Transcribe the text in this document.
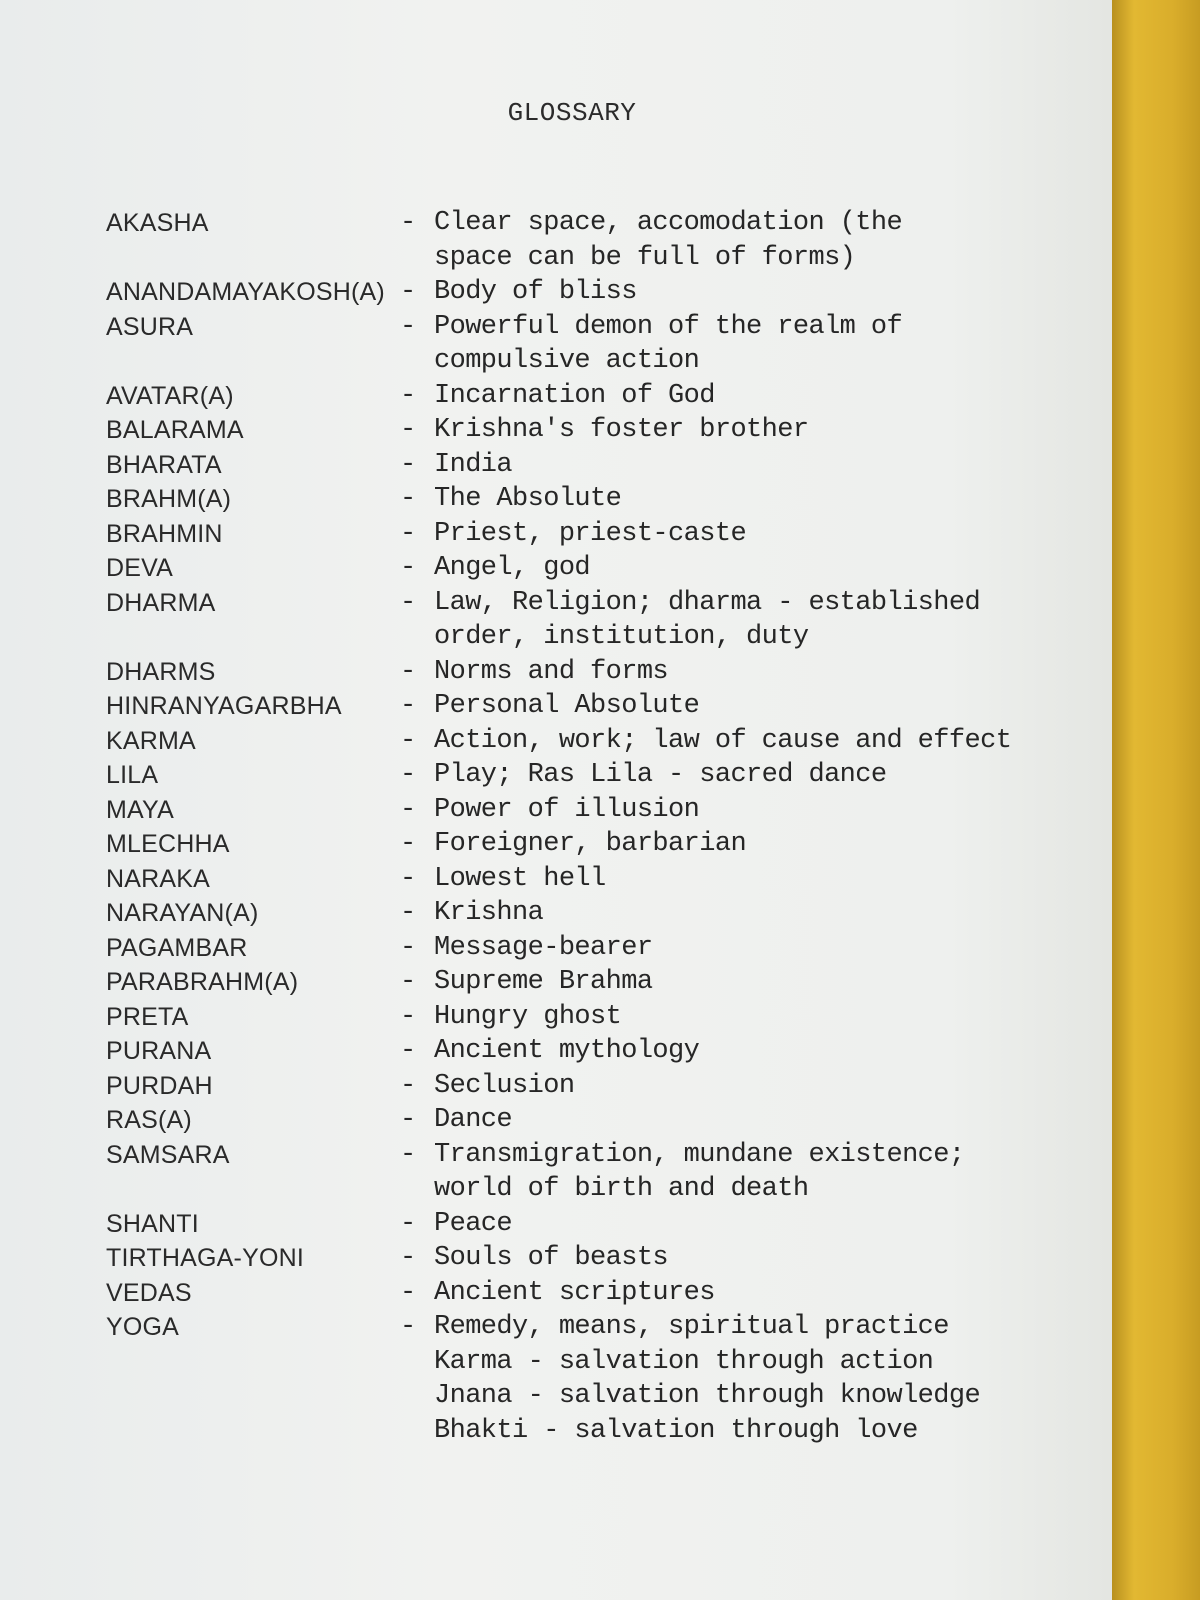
GLOSSARY
AKASHA	- Clear space, accomodation (the
space can be full of forms)
ANANDAMAYAKOSH(A) - Body of bliss
ASURA	- Powerful demon of the realm of
compulsive action
AVATAR(A)	- Incarnation of God
BALARAMA	- Krishna's foster brother
BHARATA	- India
BRAHM(A)	- The Absolute
BRAHMIN	- Priest, priest-caste
DEVA	- Angel, god
DHARMA	- Law, Religion; dharma - established
order, institution, duty
DHARMS	- Norms and forms
HINRANYAGARBHA	- Personal Absolute
KARMA	- Action, work; law of cause and effect
LILA	- Play; Ras Lila - sacred dance
MAYA	- Power of illusion
MLECHHA	- Foreigner, barbarian
NARAKA	- Lowest hell
NARAYAN(A)	- Krishna
PAGAMBAR	- Message-bearer
PARABRAHM(A)	- Supreme Brahma
PRETA	- Hungry ghost
PURANA	- Ancient mythology
PURDAH	- Seclusion
RAS(A)	- Dance
SAMSARA	- Transmigration, mundane existence;
world of birth and death
SHANTI	- Peace
TIRTHAGA-YONI	- Souls of beasts
VEDAS	- Ancient scriptures
YOGA	- Remedy, means, spiritual practice
Karma - salvation through action
Jnana - salvation through knowledge
Bhakti - salvation through love
